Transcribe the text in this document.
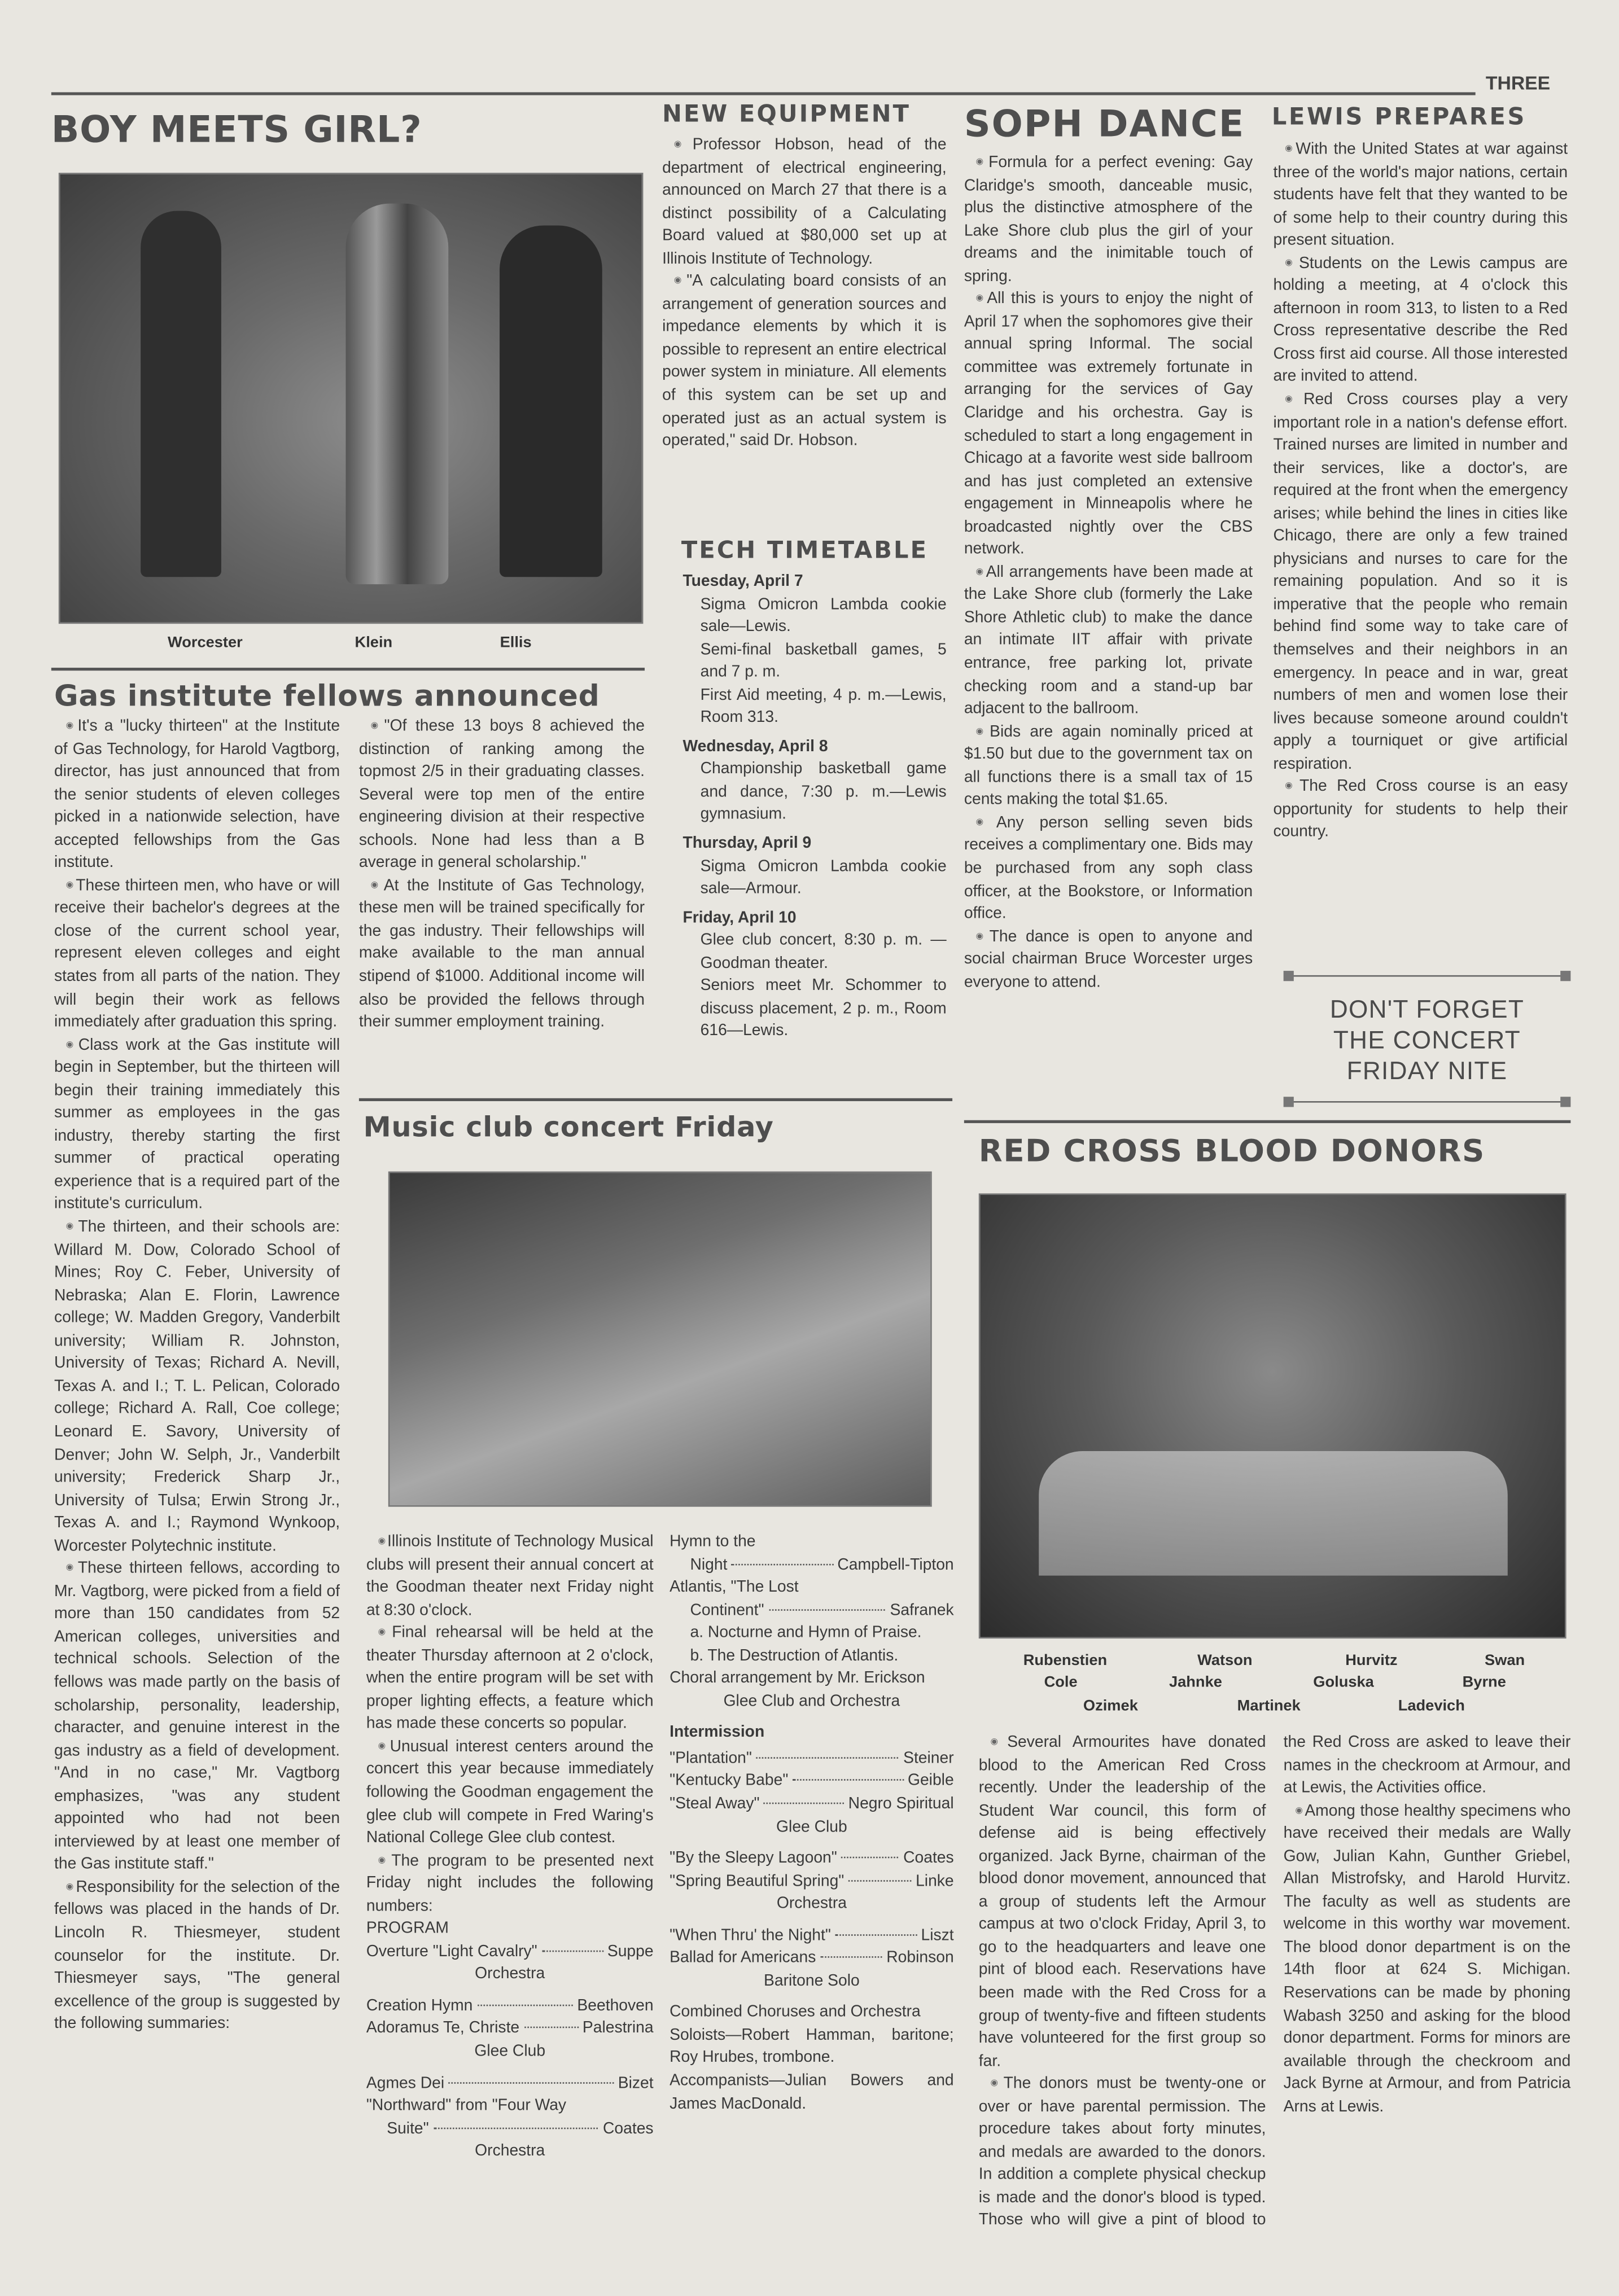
THREE
BOY MEETS GIRL?
Worcester	Klein	Ellis
Gas institute fellows announced

◉ It's a "lucky thirteen" at the Institute of Gas Technology, for Harold Vagtborg, director, has just announced that from the senior students of eleven colleges picked in a nationwide selection, have accepted fellowships from the Gas institute.

◉ These thirteen men, who have or will receive their bachelor's degrees at the close of the current school year, represent eleven colleges and eight states from all parts of the nation. They will begin their work as fellows immediately after graduation this spring.

◉ Class work at the Gas institute will begin in September, but the thirteen will begin their training immediately this summer as employees in the gas industry, thereby starting the first summer of practical operating experience that is a required part of the institute's curriculum.

◉ The thirteen, and their schools are: Willard M. Dow, Colorado School of Mines; Roy C. Feber, University of Nebraska; Alan E. Florin, Lawrence college; W. Madden Gregory, Vanderbilt university; William R. Johnston, University of Texas; Richard A. Nevill, Texas A. and I.; T. L. Pelican, Colorado college; Richard A. Rall, Coe college; Leonard E. Savory, University of Denver; John W. Selph, Jr., Vanderbilt university; Frederick Sharp Jr., University of Tulsa; Erwin Strong Jr., Texas A. and I.; Raymond Wynkoop, Worcester Polytechnic institute.

◉ These thirteen fellows, according to Mr. Vagtborg, were picked from a field of more than 150 candidates from 52 American colleges, universities and technical schools. Selection of the fellows was made partly on the basis of scholarship, personality, leadership, character, and genuine interest in the gas industry as a field of development. "And in no case," Mr. Vagtborg emphasizes, "was any student appointed who had not been interviewed by at least one member of the Gas institute staff."

◉ Responsibility for the selection of the fellows was placed in the hands of Dr. Lincoln R. Thiesmeyer, student counselor for the institute. Dr. Thiesmeyer says, "The general excellence of the group is suggested by the following summaries:

◉ "Of these 13 boys 8 achieved the distinction of ranking among the topmost 2/5 in their graduating classes. Several were top men of the entire engineering division at their respective schools. None had less than a B average in general scholarship."

◉ At the Institute of Gas Technology, these men will be trained specifically for the gas industry. Their fellowships will make available to the man annual stipend of $1000. Additional income will also be provided the fellows through their summer employment training.

NEW EQUIPMENT

◉ Professor Hobson, head of the department of electrical engineering, announced on March 27 that there is a distinct possibility of a Calculating Board valued at $80,000 set up at Illinois Institute of Technology.

◉ "A calculating board consists of an arrangement of generation sources and impedance elements by which it is possible to represent an entire electrical power system in miniature. All elements of this system can be set up and operated just as an actual system is operated," said Dr. Hobson.

TECH TIMETABLE
Tuesday, April 7
Sigma Omicron Lambda cookie sale—Lewis.
Semi-final basketball games, 5 and 7 p. m.
First Aid meeting, 4 p. m.—Lewis, Room 313.
Wednesday, April 8
Championship basketball game and dance, 7:30 p. m.—Lewis gymnasium.
Thursday, April 9
Sigma Omicron Lambda cookie sale—Armour.
Friday, April 10
Glee club concert, 8:30 p. m. —Goodman theater.
Seniors meet Mr. Schommer to discuss placement, 2 p. m., Room 616—Lewis.
Music club concert Friday

◉ Illinois Institute of Technology Musical clubs will present their annual concert at the Goodman theater next Friday night at 8:30 o'clock.

◉ Final rehearsal will be held at the theater Thursday afternoon at 2 o'clock, when the entire program will be set with proper lighting effects, a feature which has made these concerts so popular.

◉ Unusual interest centers around the concert this year because immediately following the Goodman engagement the glee club will compete in Fred Waring's National College Glee club contest.

◉ The program to be presented next Friday night includes the following numbers:

PROGRAM
Overture "Light Cavalry"	Suppe
Orchestra
Creation Hymn	Beethoven
Adoramus Te, Christe	Palestrina
Glee Club
Agmes Dei	Bizet
"Northward" from "Four Way
Suite"	Coates
Orchestra
Hymn to the
Night	Campbell-Tipton
Atlantis, "The Lost
Continent"	Safranek
a. Nocturne and Hymn of Praise.
b. The Destruction of Atlantis.
Choral arrangement by Mr. Erickson
Glee Club and Orchestra
Intermission
"Plantation"	Steiner
"Kentucky Babe"	Geible
"Steal Away"	Negro Spiritual
Glee Club
"By the Sleepy Lagoon"	Coates
"Spring Beautiful Spring"	Linke
Orchestra
"When Thru' the Night"	Liszt
Ballad for Americans	Robinson
Baritone Solo
Combined Choruses and Orchestra
Soloists—Robert Hamman, baritone; Roy Hrubes, trombone.
Accompanists—Julian Bowers and James MacDonald.
SOPH DANCE

◉ Formula for a perfect evening: Gay Claridge's smooth, danceable music, plus the distinctive atmosphere of the Lake Shore club plus the girl of your dreams and the inimitable touch of spring.

◉ All this is yours to enjoy the night of April 17 when the sophomores give their annual spring Informal. The social committee was extremely fortunate in arranging for the services of Gay Claridge and his orchestra. Gay is scheduled to start a long engagement in Chicago at a favorite west side ballroom and has just completed an extensive engagement in Minneapolis where he broadcasted nightly over the CBS network.

◉ All arrangements have been made at the Lake Shore club (formerly the Lake Shore Athletic club) to make the dance an intimate IIT affair with private entrance, free parking lot, private checking room and a stand-up bar adjacent to the ballroom.

◉ Bids are again nominally priced at $1.50 but due to the government tax on all functions there is a small tax of 15 cents making the total $1.65.

◉ Any person selling seven bids receives a complimentary one. Bids may be purchased from any soph class officer, at the Bookstore, or Information office.

◉ The dance is open to anyone and social chairman Bruce Worcester urges everyone to attend.

LEWIS PREPARES

◉ With the United States at war against three of the world's major nations, certain students have felt that they wanted to be of some help to their country during this present situation.

◉ Students on the Lewis campus are holding a meeting, at 4 o'clock this afternoon in room 313, to listen to a Red Cross representative describe the Red Cross first aid course. All those interested are invited to attend.

◉ Red Cross courses play a very important role in a nation's defense effort. Trained nurses are limited in number and their services, like a doctor's, are required at the front when the emergency arises; while behind the lines in cities like Chicago, there are only a few trained physicians and nurses to care for the remaining population. And so it is imperative that the people who remain behind find some way to take care of themselves and their neighbors in an emergency. In peace and in war, great numbers of men and women lose their lives because someone around couldn't apply a tourniquet or give artificial respiration.

◉ The Red Cross course is an easy opportunity for students to help their country.

DON'T FORGET
THE CONCERT
FRIDAY NITE
RED CROSS BLOOD DONORS
Rubenstien	Watson	Hurvitz	Swan
Cole	Jahnke	Goluska	Byrne
Ozimek	Martinek	Ladevich

◉ Several Armourites have donated blood to the American Red Cross recently. Under the leadership of the Student War council, this form of defense aid is being effectively organized. Jack Byrne, chairman of the blood donor movement, announced that a group of students left the Armour campus at two o'clock Friday, April 3, to go to the headquarters and leave one pint of blood each. Reservations have been made with the Red Cross for a group of twenty-five and fifteen students have volunteered for the first group so far.

◉ The donors must be twenty-one or over or have parental permission. The procedure takes about forty minutes, and medals are awarded to the donors. In addition a complete physical checkup is made and the donor's blood is typed. Those who will give a pint of blood to the Red Cross are asked to leave their names in the checkroom at Armour, and at Lewis, the Activities office.

◉ Among those healthy specimens who have received their medals are Wally Gow, Julian Kahn, Gunther Griebel, Allan Mistrofsky, and Harold Hurvitz. The faculty as well as students are welcome in this worthy war movement. The blood donor department is on the 14th floor at 624 S. Michigan. Reservations can be made by phoning Wabash 3250 and asking for the blood donor department. Forms for minors are available through the checkroom and Jack Byrne at Armour, and from Patricia Arns at Lewis.
